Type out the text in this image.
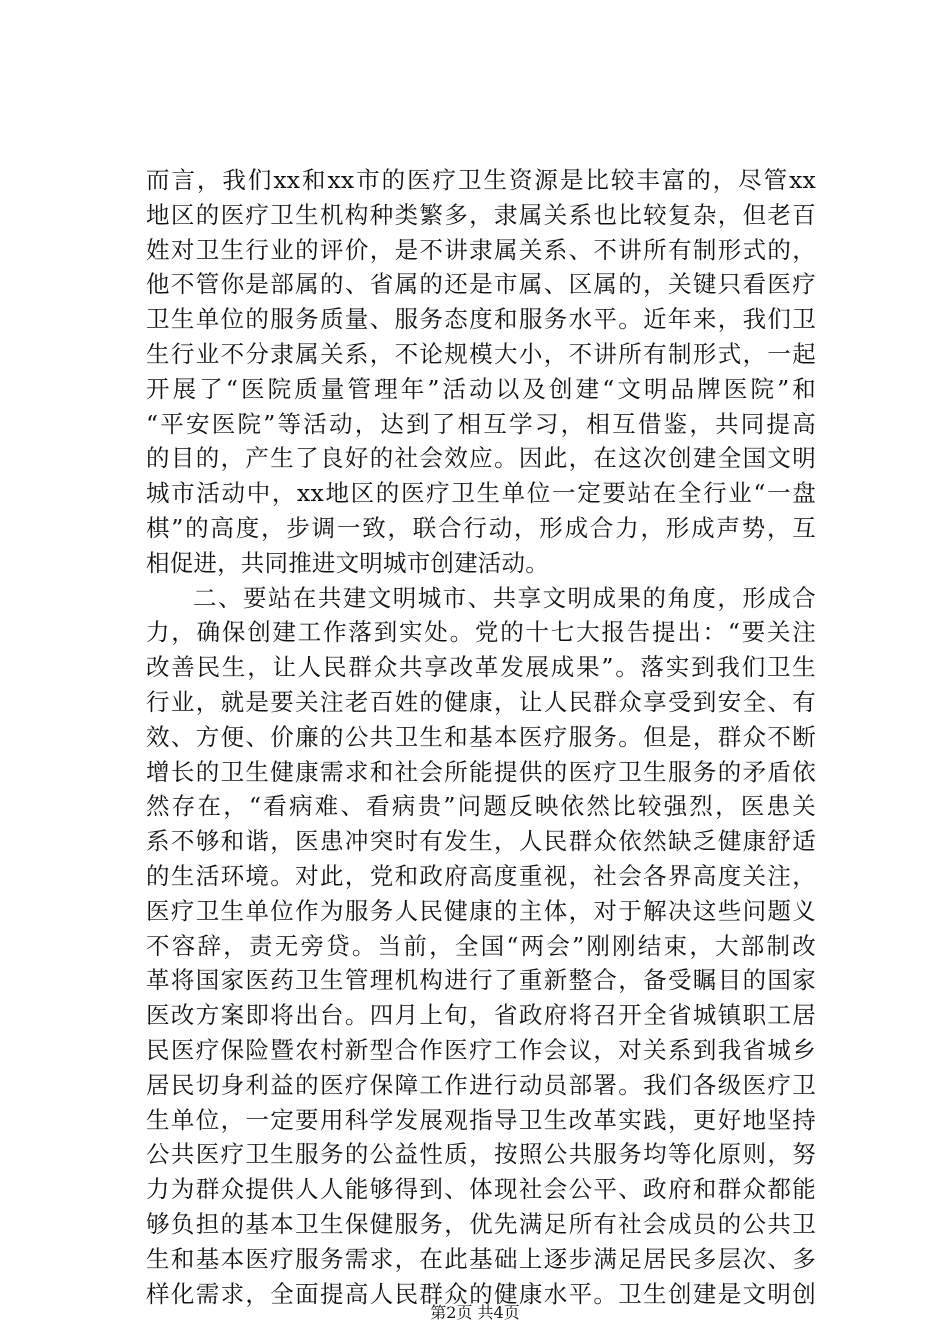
而言，我们xx和xx市的医疗卫生资源是比较丰富的，尽管xx
地区的医疗卫生机构种类繁多，隶属关系也比较复杂，但老百
姓对卫生行业的评价，是不讲隶属关系、不讲所有制形式的，
他不管你是部属的、省属的还是市属、区属的，关键只看医疗
卫生单位的服务质量、服务态度和服务水平。近年来，我们卫
生行业不分隶属关系，不论规模大小，不讲所有制形式，一起
开展了“医院质量管理年”活动以及创建“文明品牌医院”和
“平安医院”等活动，达到了相互学习，相互借鉴，共同提高
的目的，产生了良好的社会效应。因此，在这次创建全国文明
城市活动中，xx地区的医疗卫生单位一定要站在全行业“一盘
棋”的高度，步调一致，联合行动，形成合力，形成声势，互
相促进，共同推进文明城市创建活动。
二、要站在共建文明城市、共享文明成果的角度，形成合
力，确保创建工作落到实处。党的十七大报告提出：“要关注
改善民生，让人民群众共享改革发展成果”。落实到我们卫生
行业，就是要关注老百姓的健康，让人民群众享受到安全、有
效、方便、价廉的公共卫生和基本医疗服务。但是，群众不断
增长的卫生健康需求和社会所能提供的医疗卫生服务的矛盾依
然存在，“看病难、看病贵”问题反映依然比较强烈，医患关
系不够和谐，医患冲突时有发生，人民群众依然缺乏健康舒适
的生活环境。对此，党和政府高度重视，社会各界高度关注，
医疗卫生单位作为服务人民健康的主体，对于解决这些问题义
不容辞，责无旁贷。当前，全国“两会”刚刚结束，大部制改
革将国家医药卫生管理机构进行了重新整合，备受瞩目的国家
医改方案即将出台。四月上旬，省政府将召开全省城镇职工居
民医疗保险暨农村新型合作医疗工作会议，对关系到我省城乡
居民切身利益的医疗保障工作进行动员部署。我们各级医疗卫
生单位，一定要用科学发展观指导卫生改革实践，更好地坚持
公共医疗卫生服务的公益性质，按照公共服务均等化原则，努
力为群众提供人人能够得到、体现社会公平、政府和群众都能
够负担的基本卫生保健服务，优先满足所有社会成员的公共卫
生和基本医疗服务需求，在此基础上逐步满足居民多层次、多
样化需求，全面提高人民群众的健康水平。卫生创建是文明创
第2页 共4页
